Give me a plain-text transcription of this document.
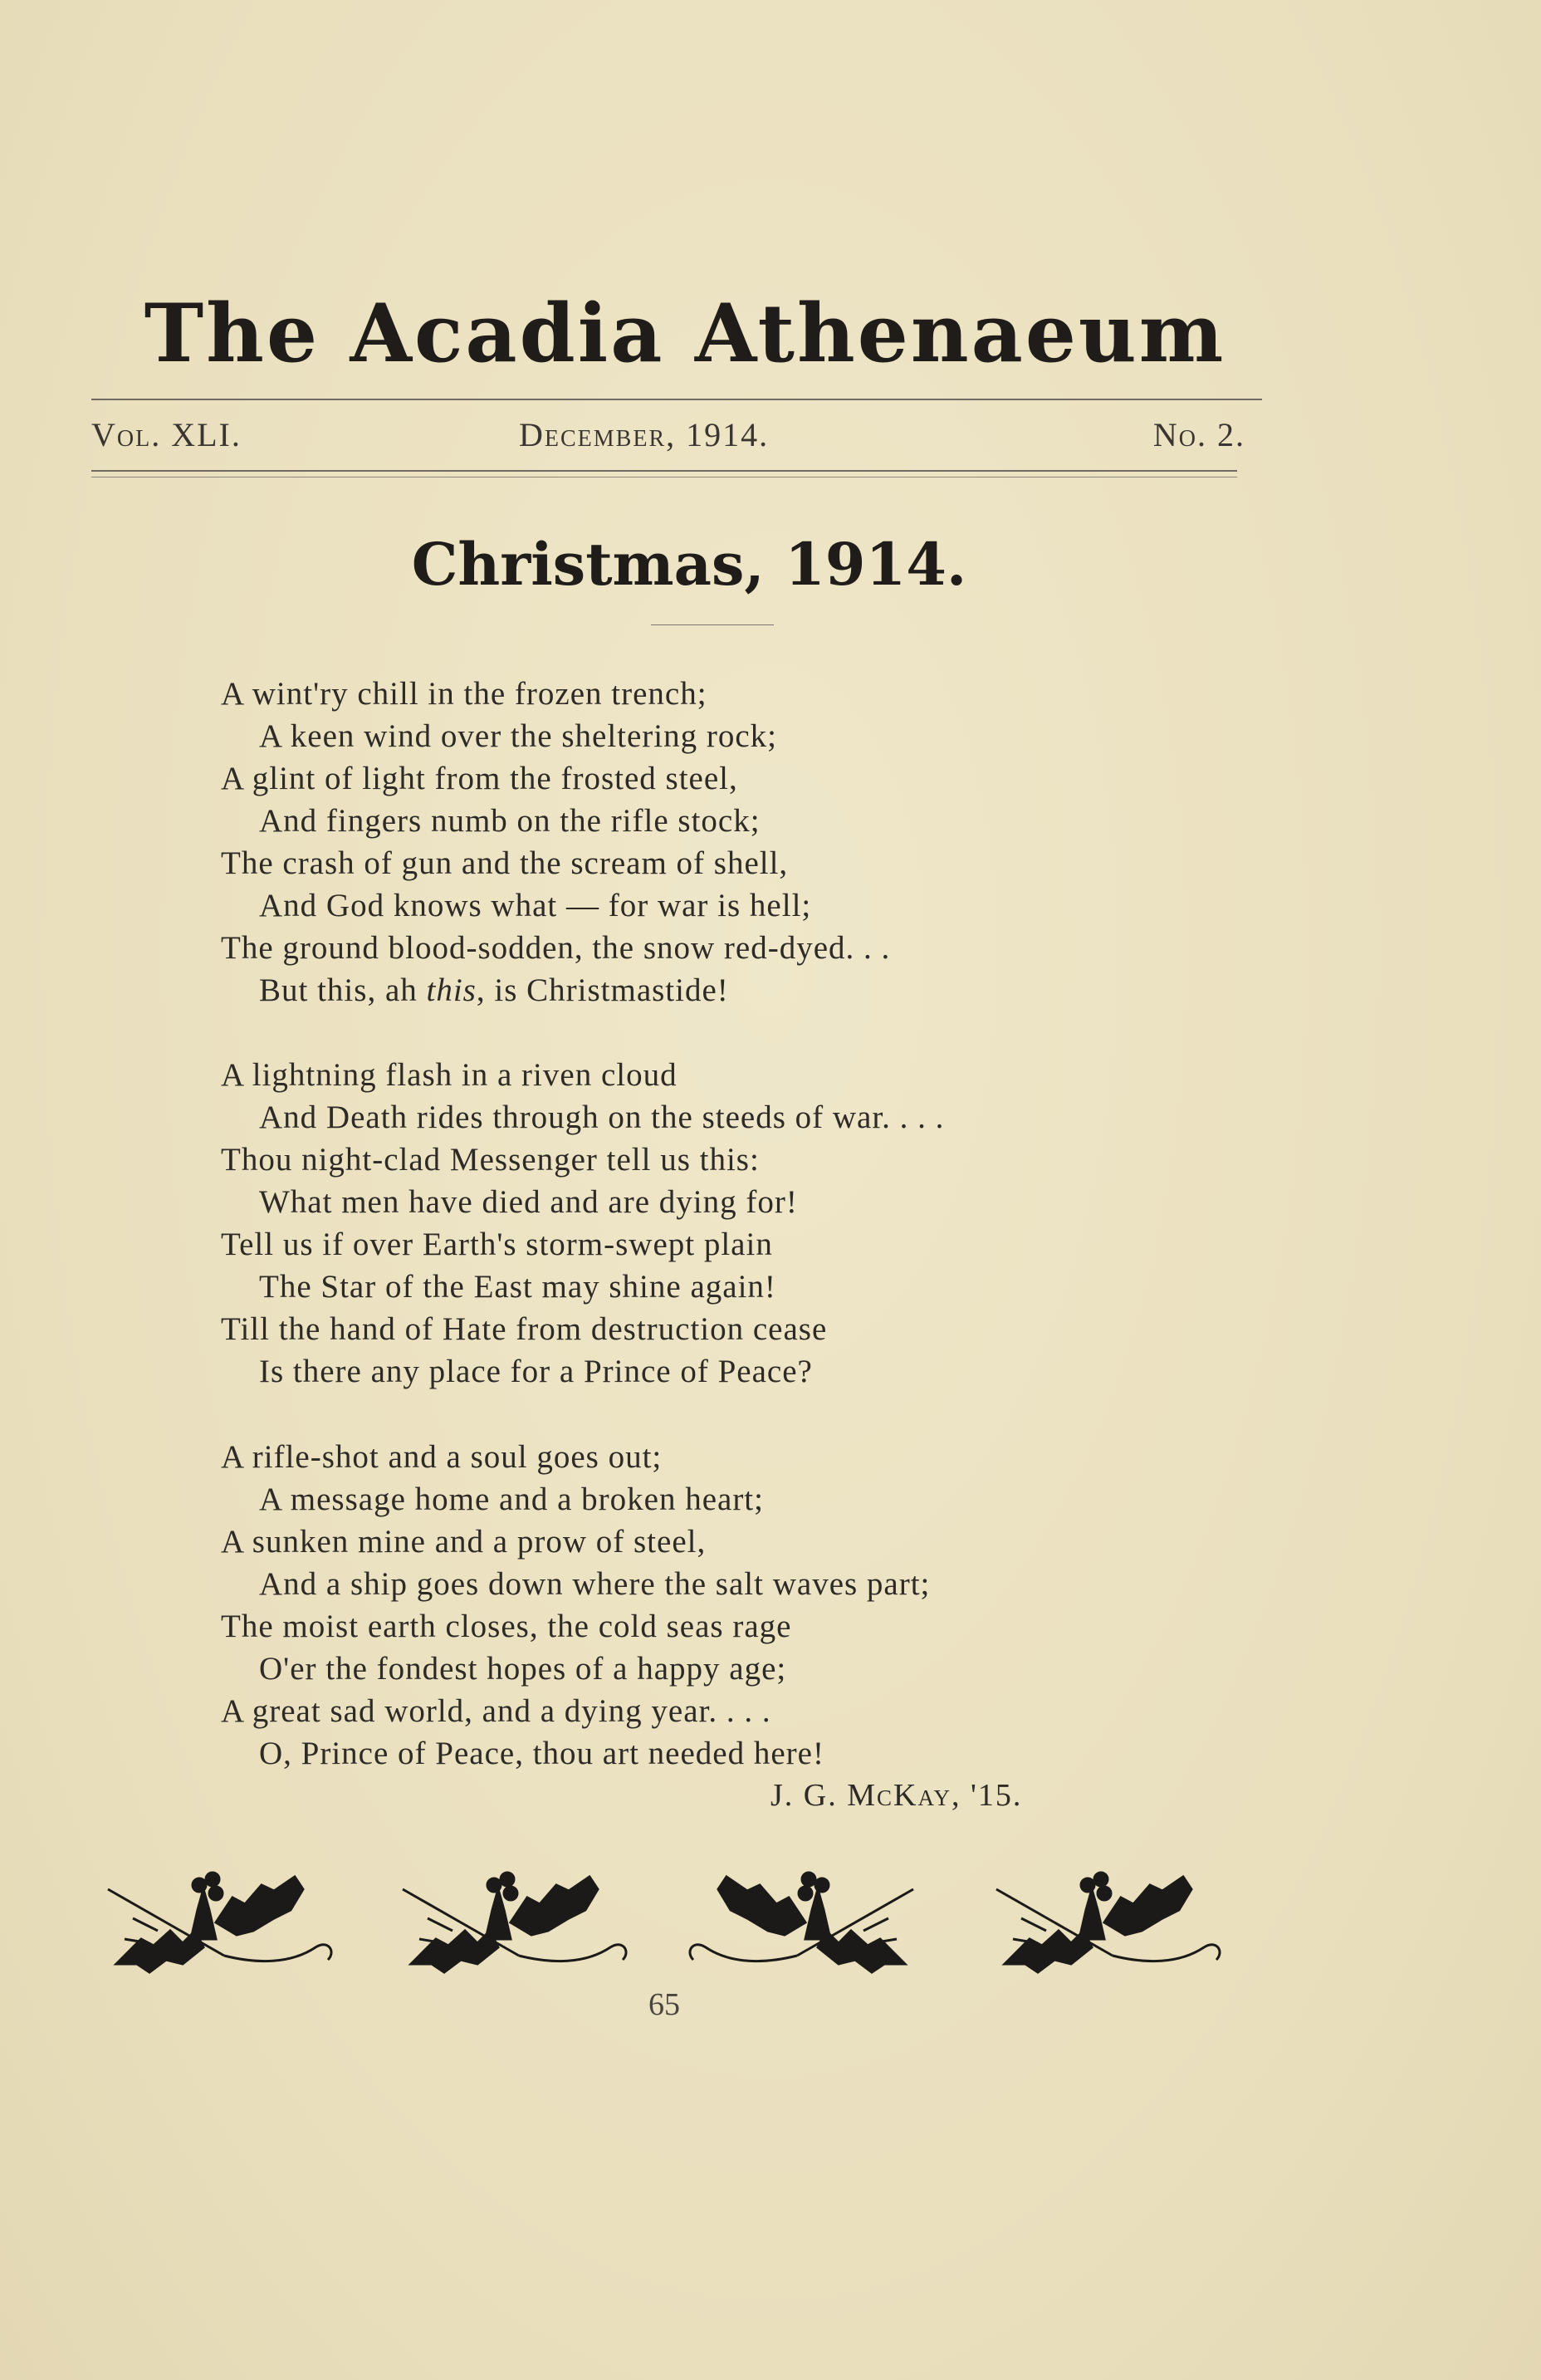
The Acadia Athenaeum
Vol. XLI.	December, 1914.	No. 2.
Christmas, 1914.
A wint'ry chill in the frozen trench;
A keen wind over the sheltering rock;
A glint of light from the frosted steel,
And fingers numb on the rifle stock;
The crash of gun and the scream of shell,
And God knows what — for war is hell;
The ground blood-sodden, the snow red-dyed. . .
But this, ah this, is Christmastide!
A lightning flash in a riven cloud
And Death rides through on the steeds of war. . . .
Thou night-clad Messenger tell us this:
What men have died and are dying for!
Tell us if over Earth's storm-swept plain
The Star of the East may shine again!
Till the hand of Hate from destruction cease
Is there any place for a Prince of Peace?
A rifle-shot and a soul goes out;
A message home and a broken heart;
A sunken mine and a prow of steel,
And a ship goes down where the salt waves part;
The moist earth closes, the cold seas rage
O'er the fondest hopes of a happy age;
A great sad world, and a dying year. . . .
O, Prince of Peace, thou art needed here!
J. G. McKay, '15.
65
